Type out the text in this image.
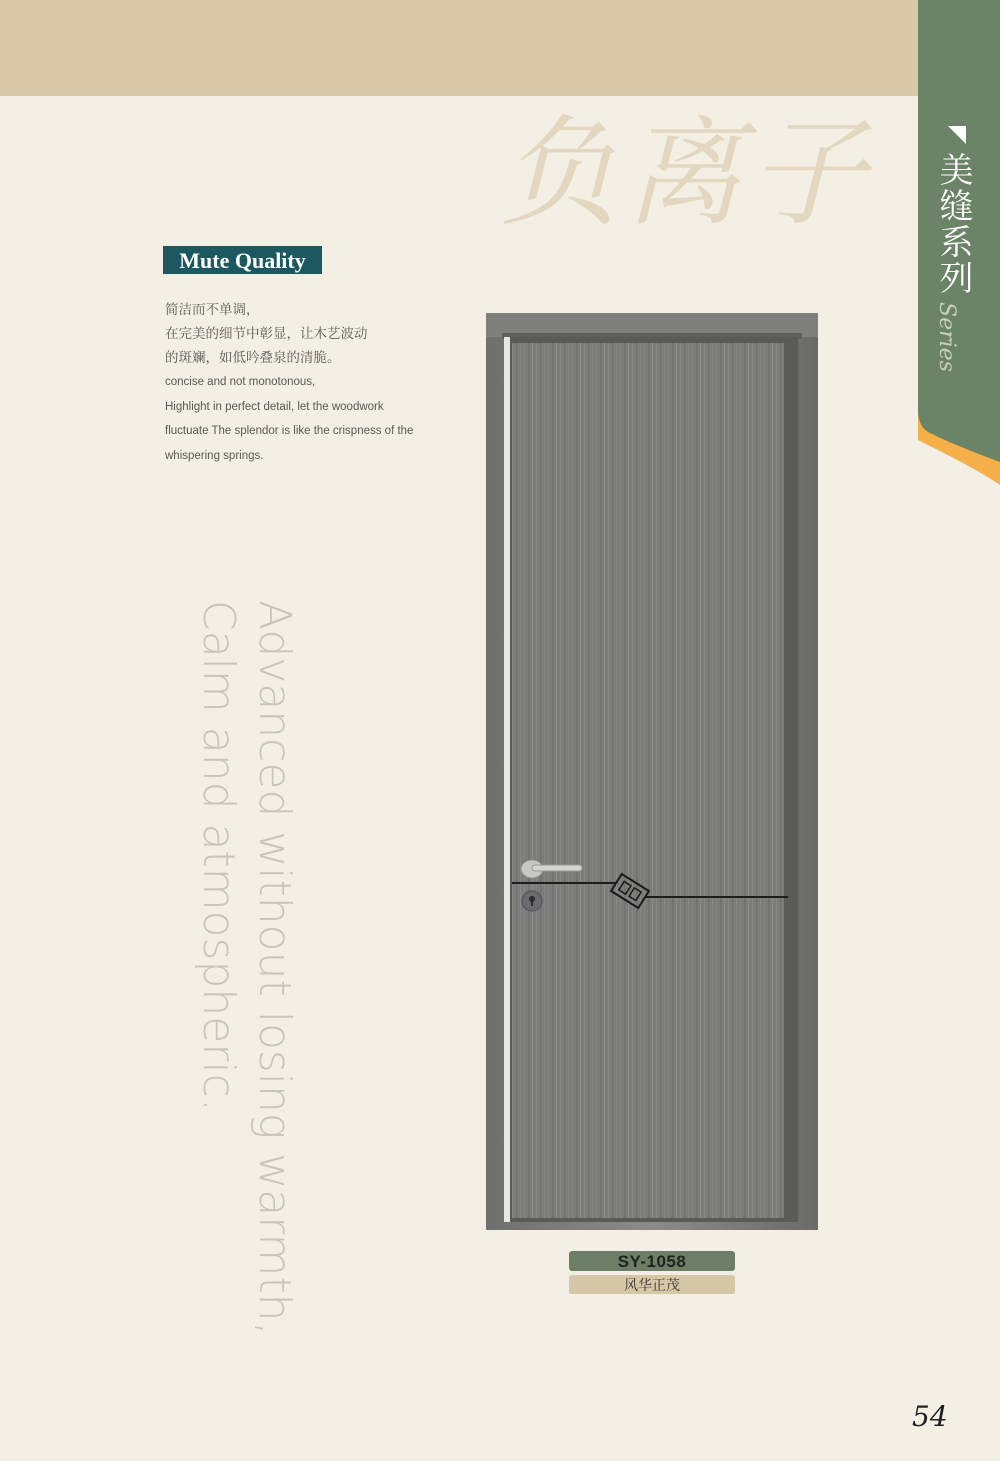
负离子 美缝系列
Series
Mute Quality

简洁而不单调，

在完美的细节中彰显，让木艺波动

的斑斓，如低吟叠泉的清脆。

concise and not monotonous,

Highlight in perfect detail, let the woodwork

fluctuate The splendor is like the crispness of the

whispering springs.

Advanced without losing warmth,
Calm and atmospheric.
SY-1058
风华正茂
54
